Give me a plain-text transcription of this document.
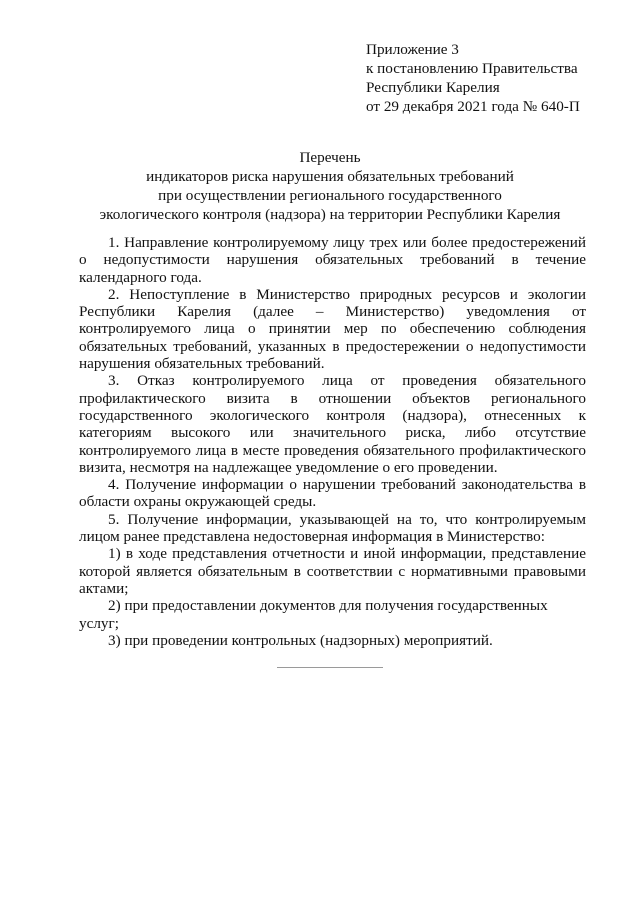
Приложение 3
к постановлению Правительства
Республики Карелия
от 29 декабря 2021 года № 640-П
Перечень
индикаторов риска нарушения обязательных требований
при осуществлении регионального государственного
экологического контроля (надзора) на территории Республики Карелия

1. Направление контролируемому лицу трех или более предостережений о недопустимости нарушения обязательных требований в течение календарного года.

2. Непоступление в Министерство природных ресурсов и экологии Республики Карелия (далее – Министерство) уведомления от контролируемого лица о принятии мер по обеспечению соблюдения обязательных требований, указанных в предостережении о недопустимости нарушения обязательных требований.

3. Отказ контролируемого лица от проведения обязательного профилактического визита в отношении объектов регионального государственного экологического контроля (надзора), отнесенных к категориям высокого или значительного риска, либо отсутствие контролируемого лица в месте проведения обязательного профилактического визита, несмотря на надлежащее уведомление о его проведении.

4. Получение информации о нарушении требований законодательства в области охраны окружающей среды.

5. Получение информации, указывающей на то, что контролируемым лицом ранее представлена недостоверная информация в Министерство:

1) в ходе представления отчетности и иной информации, представление которой является обязательным в соответствии с нормативными правовыми актами;

2) при предоставлении документов для получения государственных услуг;

3) при проведении контрольных (надзорных) мероприятий.
